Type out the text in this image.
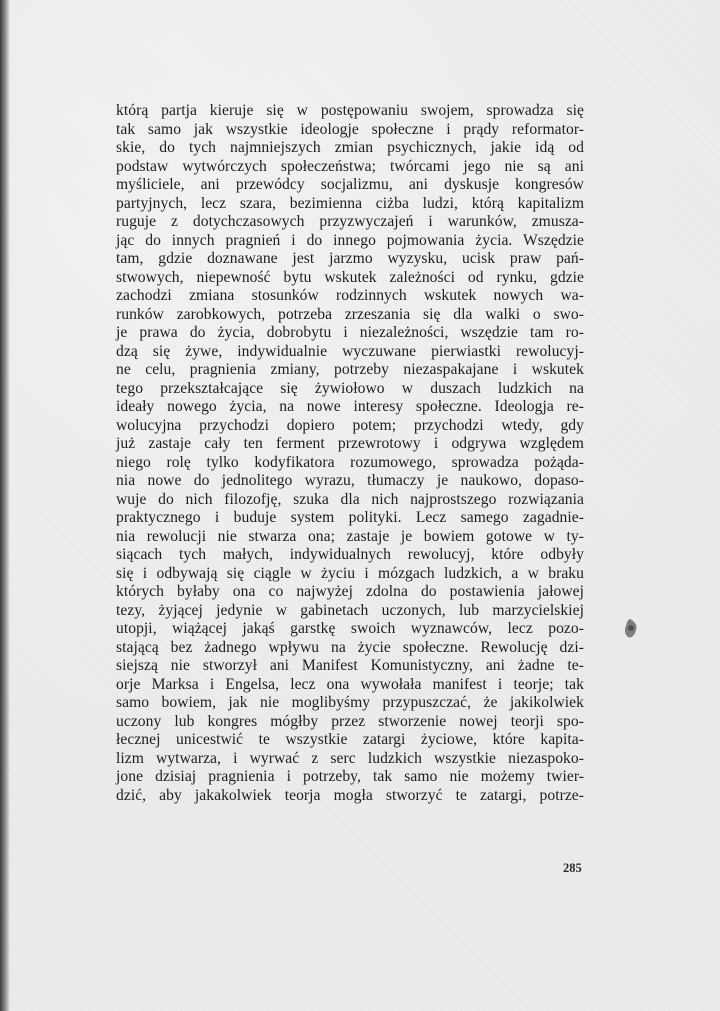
którą partja kieruje się w postępowaniu swojem, sprowadza się
tak samo jak wszystkie ideologje społeczne i prądy reformator-
skie, do tych najmniejszych zmian psychicznych, jakie idą od
podstaw wytwórczych społeczeństwa; twórcami jego nie są ani
myśliciele, ani przewódcy socjalizmu, ani dyskusje kongresów
partyjnych, lecz szara, bezimienna ciżba ludzi, którą kapitalizm
ruguje z dotychczasowych przyzwyczajeń i warunków, zmusza-
jąc do innych pragnień i do innego pojmowania życia. Wszędzie
tam, gdzie doznawane jest jarzmo wyzysku, ucisk praw pań-
stwowych, niepewność bytu wskutek zależności od rynku, gdzie
zachodzi zmiana stosunków rodzinnych wskutek nowych wa-
runków zarobkowych, potrzeba zrzeszania się dla walki o swo-
je prawa do życia, dobrobytu i niezależności, wszędzie tam ro-
dzą się żywe, indywidualnie wyczuwane pierwiastki rewolucyj-
ne celu, pragnienia zmiany, potrzeby niezaspakajane i wskutek
tego przekształcające się żywiołowo w duszach ludzkich na
ideały nowego życia, na nowe interesy społeczne. Ideologja re-
wolucyjna przychodzi dopiero potem; przychodzi wtedy, gdy
już zastaje cały ten ferment przewrotowy i odgrywa względem
niego rolę tylko kodyfikatora rozumowego, sprowadza pożąda-
nia nowe do jednolitego wyrazu, tłumaczy je naukowo, dopaso-
wuje do nich filozofję, szuka dla nich najprostszego rozwiązania
praktycznego i buduje system polityki. Lecz samego zagadnie-
nia rewolucji nie stwarza ona; zastaje je bowiem gotowe w ty-
siącach tych małych, indywidualnych rewolucyj, które odbyły
się i odbywają się ciągle w życiu i mózgach ludzkich, a w braku
których byłaby ona co najwyżej zdolna do postawienia jałowej
tezy, żyjącej jedynie w gabinetach uczonych, lub marzycielskiej
utopji, wiążącej jakąś garstkę swoich wyznawców, lecz pozo-
stającą bez żadnego wpływu na życie społeczne. Rewolucję dzi-
siejszą nie stworzył ani Manifest Komunistyczny, ani żadne te-
orje Marksa i Engelsa, lecz ona wywołała manifest i teorje; tak
samo bowiem, jak nie moglibyśmy przypuszczać, że jakikolwiek
uczony lub kongres mógłby przez stworzenie nowej teorji spo-
łecznej unicestwić te wszystkie zatargi życiowe, które kapita-
lizm wytwarza, i wyrwać z serc ludzkich wszystkie niezaspoko-
jone dzisiaj pragnienia i potrzeby, tak samo nie możemy twier-
dzić, aby jakakolwiek teorja mogła stworzyć te zatargi, potrze-
285
